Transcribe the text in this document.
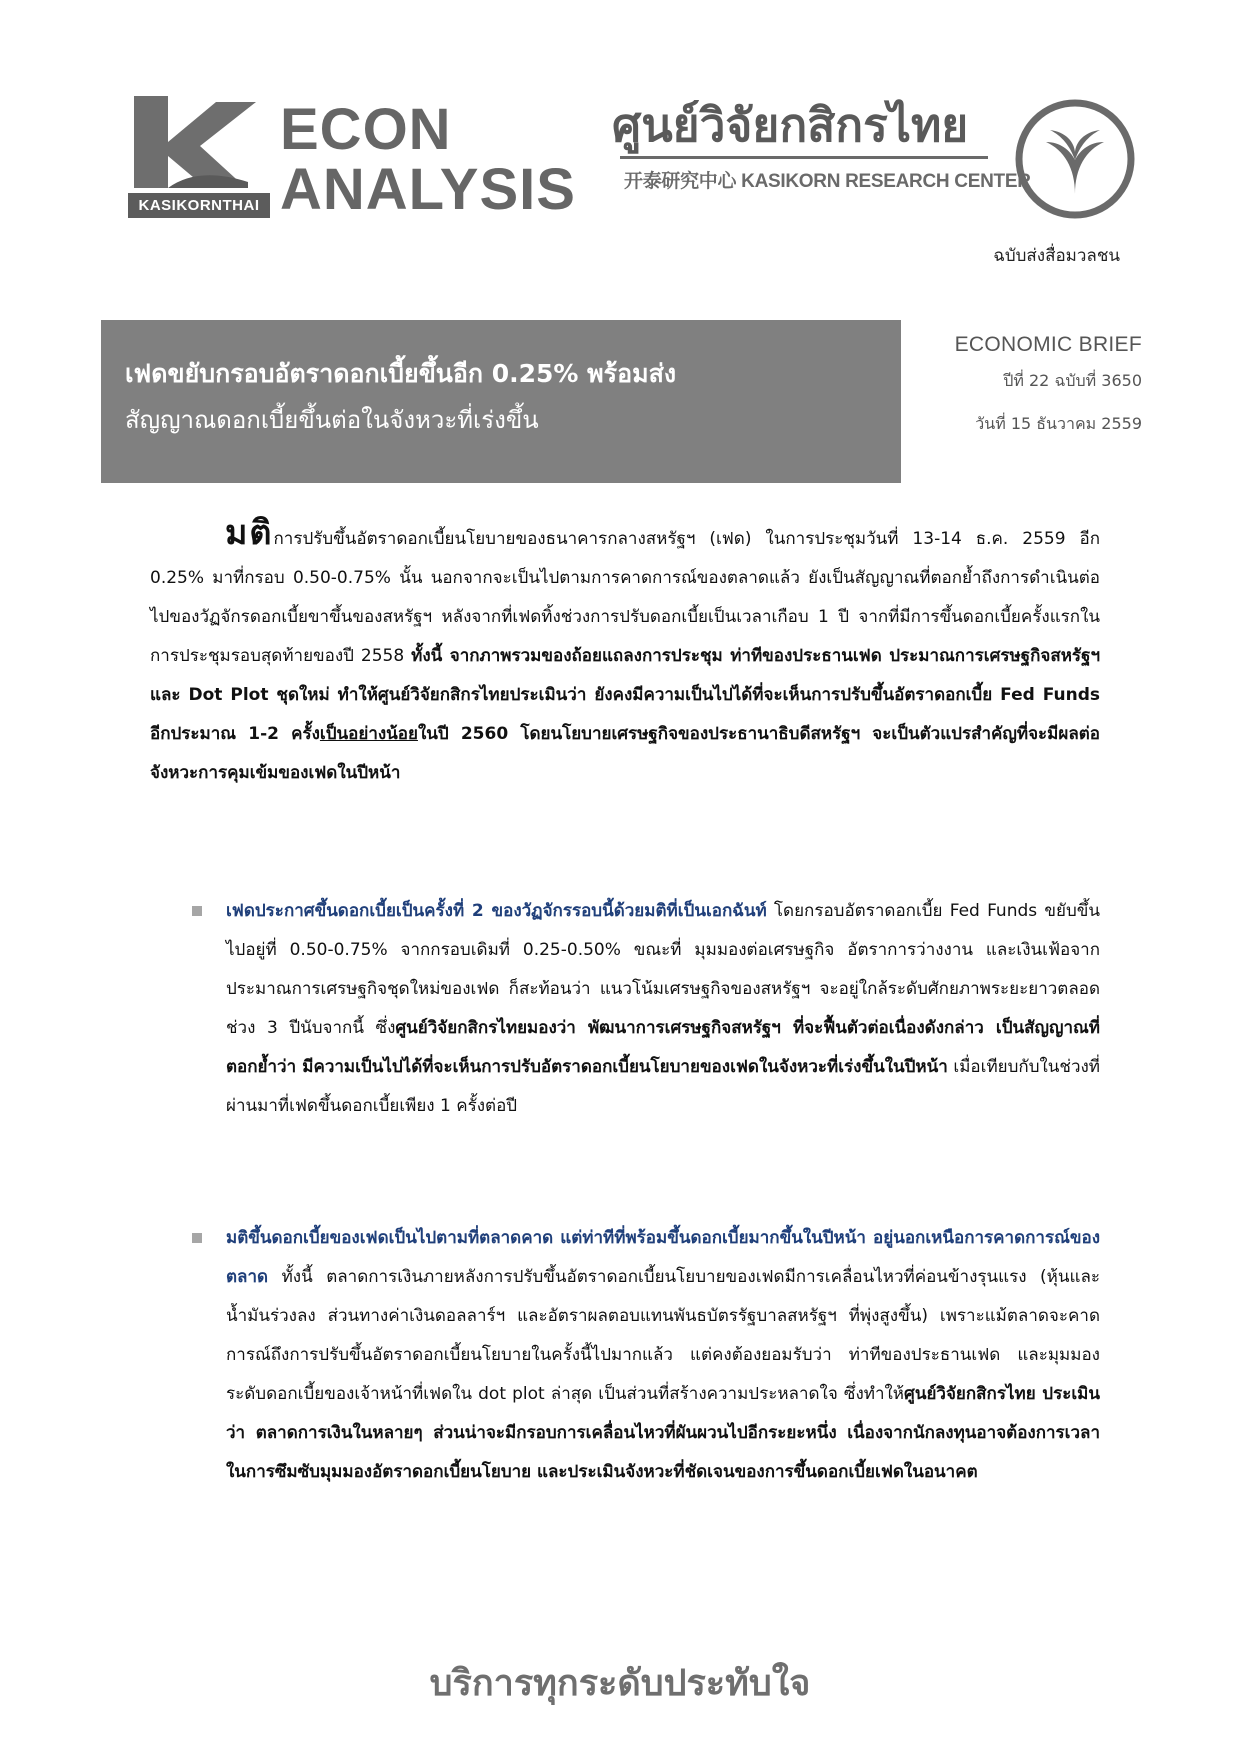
KASIKORNTHAI
ECON
ANALYSIS
ศูนย์วิจัยกสิกรไทย
开泰研究中心 KASIKORN RESEARCH CENTER
ฉบับส่งสื่อมวลชน
เฟดขยับกรอบอัตราดอกเบี้ยขึ้นอีก 0.25% พร้อมส่ง
สัญญาณดอกเบี้ยขึ้นต่อในจังหวะที่เร่งขึ้น
ECONOMIC BRIEF
ปีที่ 22 ฉบับที่ 3650
วันที่ 15 ธันวาคม 2559
มติการปรับขึ้นอัตราดอกเบี้ยนโยบายของธนาคารกลางสหรัฐฯ (เฟด) ในการประชุมวันที่ 13-14 ธ.ค. 2559 อีก 0.25% มาที่กรอบ 0.50-0.75% นั้น นอกจากจะเป็นไปตามการคาดการณ์ของตลาดแล้ว ยังเป็นสัญญาณที่ตอกย้ำถึงการดำเนินต่อไปของวัฏจักรดอกเบี้ยขาขึ้นของสหรัฐฯ หลังจากที่เฟดทิ้งช่วงการปรับดอกเบี้ยเป็นเวลาเกือบ 1 ปี จากที่มีการขึ้นดอกเบี้ยครั้งแรกในการประชุมรอบสุดท้ายของปี 2558 ทั้งนี้ จากภาพรวมของถ้อยแถลงการประชุม ท่าทีของประธานเฟด ประมาณการเศรษฐกิจสหรัฐฯ และ Dot Plot ชุดใหม่ ทำให้ศูนย์วิจัยกสิกรไทยประเมินว่า ยังคงมีความเป็นไปได้ที่จะเห็นการปรับขึ้นอัตราดอกเบี้ย Fed Funds อีกประมาณ 1-2 ครั้งเป็นอย่างน้อยในปี 2560 โดยนโยบายเศรษฐกิจของประธานาธิบดีสหรัฐฯ จะเป็นตัวแปรสำคัญที่จะมีผลต่อจังหวะการคุมเข้มของเฟดในปีหน้า
เฟดประกาศขึ้นดอกเบี้ยเป็นครั้งที่ 2 ของวัฏจักรรอบนี้ด้วยมติที่เป็นเอกฉันท์ โดยกรอบอัตราดอกเบี้ย Fed Funds ขยับขึ้นไปอยู่ที่ 0.50-0.75% จากกรอบเดิมที่ 0.25-0.50% ขณะที่ มุมมองต่อเศรษฐกิจ อัตราการว่างงาน และเงินเฟ้อจากประมาณการเศรษฐกิจชุดใหม่ของเฟด ก็สะท้อนว่า แนวโน้มเศรษฐกิจของสหรัฐฯ จะอยู่ใกล้ระดับศักยภาพระยะยาวตลอดช่วง 3 ปีนับจากนี้ ซึ่งศูนย์วิจัยกสิกรไทยมองว่า พัฒนาการเศรษฐกิจสหรัฐฯ ที่จะฟื้นตัวต่อเนื่องดังกล่าว เป็นสัญญาณที่ตอกย้ำว่า มีความเป็นไปได้ที่จะเห็นการปรับอัตราดอกเบี้ยนโยบายของเฟดในจังหวะที่เร่งขึ้นในปีหน้า เมื่อเทียบกับในช่วงที่ผ่านมาที่เฟดขึ้นดอกเบี้ยเพียง 1 ครั้งต่อปี
มติขึ้นดอกเบี้ยของเฟดเป็นไปตามที่ตลาดคาด แต่ท่าทีที่พร้อมขึ้นดอกเบี้ยมากขึ้นในปีหน้า อยู่นอกเหนือการคาดการณ์ของตลาด ทั้งนี้ ตลาดการเงินภายหลังการปรับขึ้นอัตราดอกเบี้ยนโยบายของเฟดมีการเคลื่อนไหวที่ค่อนข้างรุนแรง (หุ้นและน้ำมันร่วงลง ส่วนทางค่าเงินดอลลาร์ฯ และอัตราผลตอบแทนพันธบัตรรัฐบาลสหรัฐฯ ที่พุ่งสูงขึ้น) เพราะแม้ตลาดจะคาดการณ์ถึงการปรับขึ้นอัตราดอกเบี้ยนโยบายในครั้งนี้ไปมากแล้ว แต่คงต้องยอมรับว่า ท่าทีของประธานเฟด และมุมมองระดับดอกเบี้ยของเจ้าหน้าที่เฟดใน dot plot ล่าสุด เป็นส่วนที่สร้างความประหลาดใจ ซึ่งทำให้ศูนย์วิจัยกสิกรไทย ประเมินว่า ตลาดการเงินในหลายๆ ส่วนน่าจะมีกรอบการเคลื่อนไหวที่ผันผวนไปอีกระยะหนึ่ง เนื่องจากนักลงทุนอาจต้องการเวลาในการซึมซับมุมมองอัตราดอกเบี้ยนโยบาย และประเมินจังหวะที่ชัดเจนของการขึ้นดอกเบี้ยเฟดในอนาคต
บริการทุกระดับประทับใจ
